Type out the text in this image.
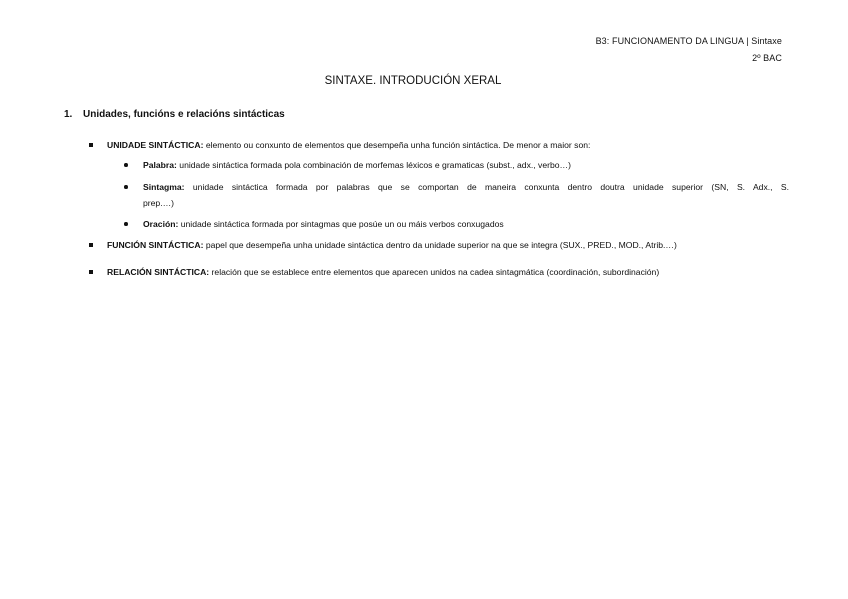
B3: FUNCIONAMENTO DA LINGUA | Sintaxe
2º BAC
SINTAXE. INTRODUCIÓN XERAL
1. Unidades, funcións e relacións sintácticas
UNIDADE SINTÁCTICA: elemento ou conxunto de elementos que desempeña unha función sintáctica. De menor a maior son:
Palabra: unidade sintáctica formada pola combinación de morfemas léxicos e gramaticas (subst., adx., verbo…)
Sintagma: unidade sintáctica formada por palabras que se comportan de maneira conxunta dentro doutra unidade superior (SN, S. Adx., S.
prep.…)
Oración: unidade sintáctica formada por sintagmas que posúe un ou máis verbos conxugados
FUNCIÓN SINTÁCTICA: papel que desempeña unha unidade sintáctica dentro da unidade superior na que se integra (SUX., PRED., MOD., Atrib.…)
RELACIÓN SINTÁCTICA: relación que se establece entre elementos que aparecen unidos na cadea sintagmática (coordinación, subordinación)
